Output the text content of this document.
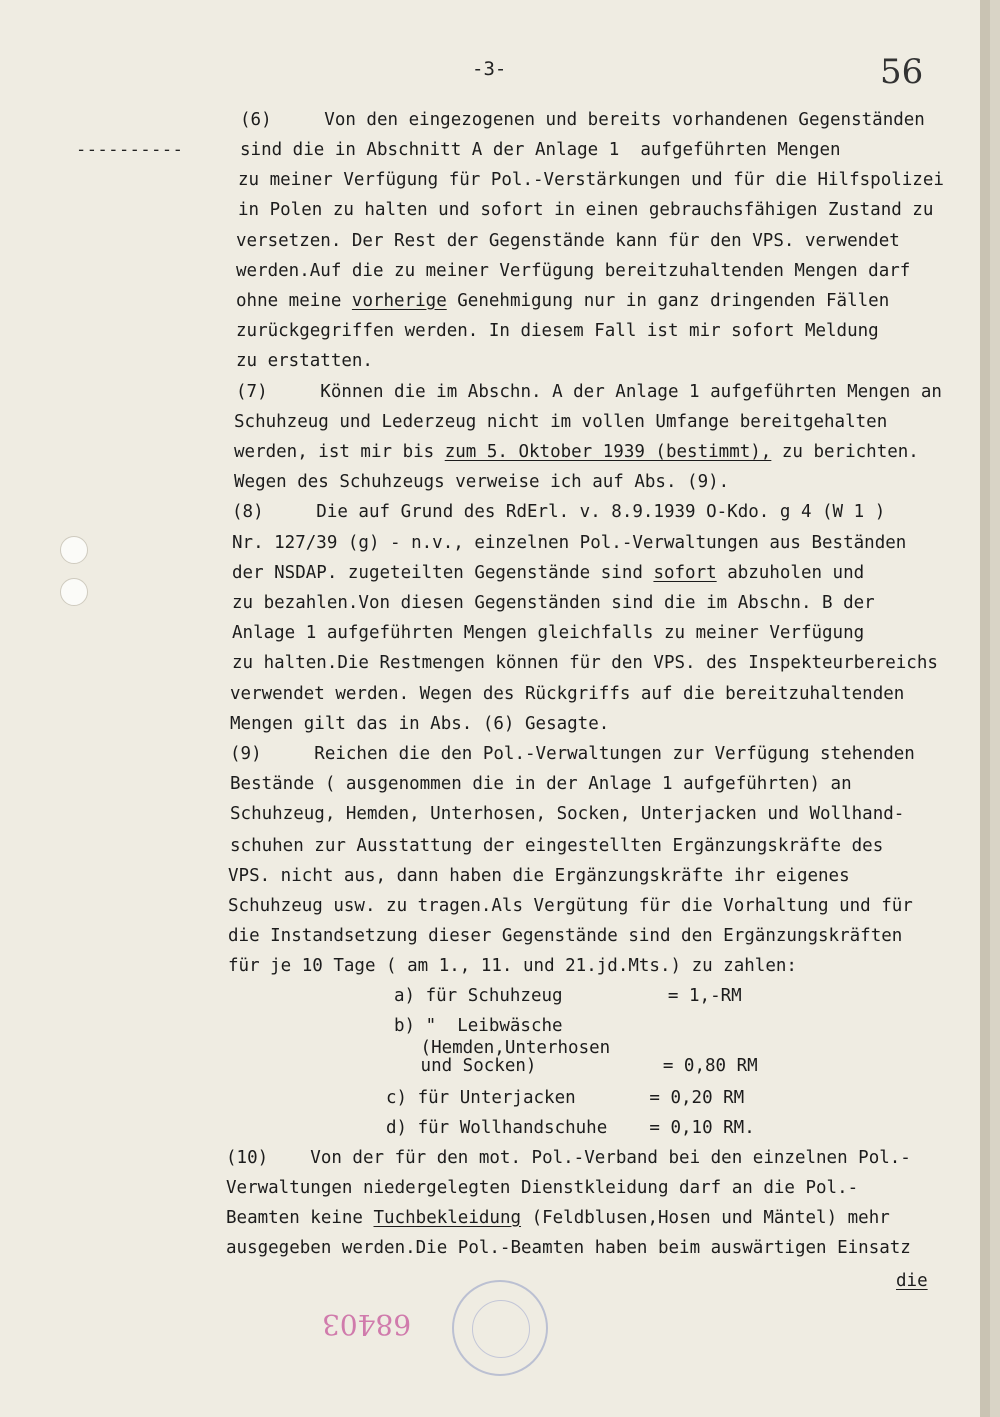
-3-	56
----------
(6)     Von den eingezogenen und bereits vorhandenen Gegenständen
sind die in Abschnitt A der Anlage 1  aufgeführten Mengen
zu meiner Verfügung für Pol.-Verstärkungen und für die Hilfspolizei
in Polen zu halten und sofort in einen gebrauchsfähigen Zustand zu
versetzen. Der Rest der Gegenstände kann für den VPS. verwendet
werden.Auf die zu meiner Verfügung bereitzuhaltenden Mengen darf
ohne meine vorherige Genehmigung nur in ganz dringenden Fällen
zurückgegriffen werden. In diesem Fall ist mir sofort Meldung
zu erstatten.
(7)     Können die im Abschn. A der Anlage 1 aufgeführten Mengen an
Schuhzeug und Lederzeug nicht im vollen Umfange bereitgehalten
werden, ist mir bis zum 5. Oktober 1939 (bestimmt), zu berichten.
Wegen des Schuhzeugs verweise ich auf Abs. (9).
(8)     Die auf Grund des RdErl. v. 8.9.1939 O-Kdo. g 4 (W 1 )
Nr. 127/39 (g) - n.v., einzelnen Pol.-Verwaltungen aus Beständen
der NSDAP. zugeteilten Gegenstände sind sofort abzuholen und
zu bezahlen.Von diesen Gegenständen sind die im Abschn. B der
Anlage 1 aufgeführten Mengen gleichfalls zu meiner Verfügung
zu halten.Die Restmengen können für den VPS. des Inspekteurbereichs
verwendet werden. Wegen des Rückgriffs auf die bereitzuhaltenden
Mengen gilt das in Abs. (6) Gesagte.
(9)     Reichen die den Pol.-Verwaltungen zur Verfügung stehenden
Bestände ( ausgenommen die in der Anlage 1 aufgeführten) an
Schuhzeug, Hemden, Unterhosen, Socken, Unterjacken und Wollhand-
schuhen zur Ausstattung der eingestellten Ergänzungskräfte des
VPS. nicht aus, dann haben die Ergänzungskräfte ihr eigenes
Schuhzeug usw. zu tragen.Als Vergütung für die Vorhaltung und für
die Instandsetzung dieser Gegenstände sind den Ergänzungskräften
für je 10 Tage ( am 1., 11. und 21.jd.Mts.) zu zahlen:
a) für Schuhzeug          = 1,-RM
b) "  Leibwäsche
(Hemden,Unterhosen
und Socken)            = 0,80 RM
c) für Unterjacken       = 0,20 RM
d) für Wollhandschuhe    = 0,10 RM.
(10)    Von der für den mot. Pol.-Verband bei den einzelnen Pol.-
Verwaltungen niedergelegten Dienstkleidung darf an die Pol.-
Beamten keine Tuchbekleidung (Feldblusen,Hosen und Mäntel) mehr
ausgegeben werden.Die Pol.-Beamten haben beim auswärtigen Einsatz
die
68403
